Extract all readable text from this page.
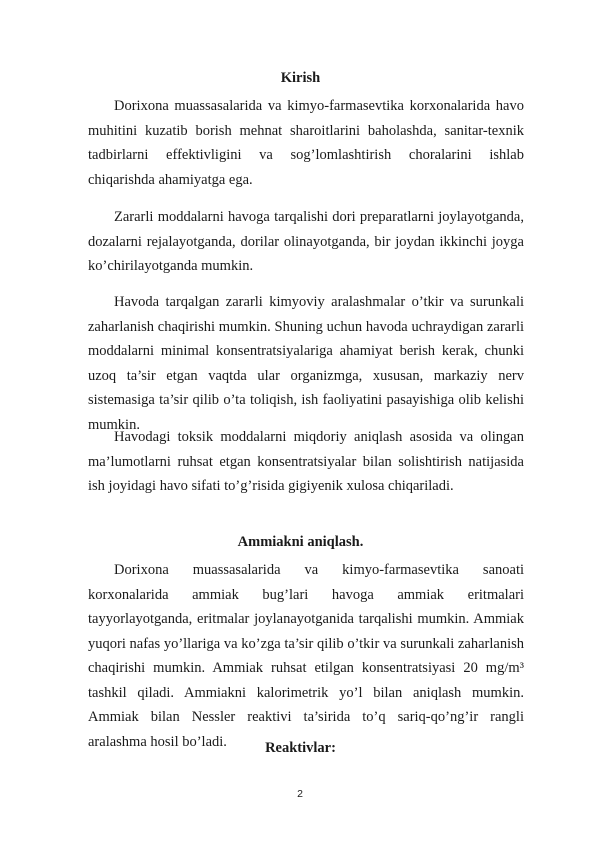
Kirish

Dorixona muassasalarida va kimyo-farmasevtika korxonalarida havo muhitini kuzatib borish mehnat sharoitlarini baholashda, sanitar-texnik tadbirlarni effektivligini va sog’lomlashtirish choralarini ishlab chiqarishda ahamiyatga ega.

Zararli moddalarni havoga tarqalishi dori preparatlarni joylayotganda, dozalarni rejalayotganda, dorilar olinayotganda, bir joydan ikkinchi joyga ko’chirilayotganda mumkin.

Havoda tarqalgan zararli kimyoviy aralashmalar o’tkir va surunkali zaharlanish chaqirishi mumkin. Shuning uchun havoda uchraydigan zararli moddalarni minimal konsentratsiyalariga ahamiyat berish kerak, chunki uzoq ta’sir etgan vaqtda ular organizmga, xususan, markaziy nerv sistemasiga ta’sir qilib o’ta toliqish, ish faoliyatini pasayishiga olib kelishi mumkin.

Havodagi toksik moddalarni miqdoriy aniqlash asosida va olingan ma’lumotlarni ruhsat etgan konsentratsiyalar bilan solishtirish natijasida ish joyidagi havo sifati to’g’risida gigiyenik xulosa chiqariladi.

Ammiakni aniqlash.

Dorixona muassasalarida va kimyo-farmasevtika sanoati korxonalarida ammiak bug’lari havoga ammiak eritmalari tayyorlayotganda, eritmalar joylanayotganida tarqalishi mumkin. Ammiak yuqori nafas yo’llariga va ko’zga ta’sir qilib o’tkir va surunkali zaharlanish chaqirishi mumkin. Ammiak ruhsat etilgan konsentratsiyasi 20 mg/m³ tashkil qiladi. Ammiakni kalorimetrik yo’l bilan aniqlash mumkin. Ammiak bilan Nessler reaktivi ta’sirida to’q sariq-qo’ng’ir rangli aralashma hosil bo’ladi.	Reaktivlar:
2
